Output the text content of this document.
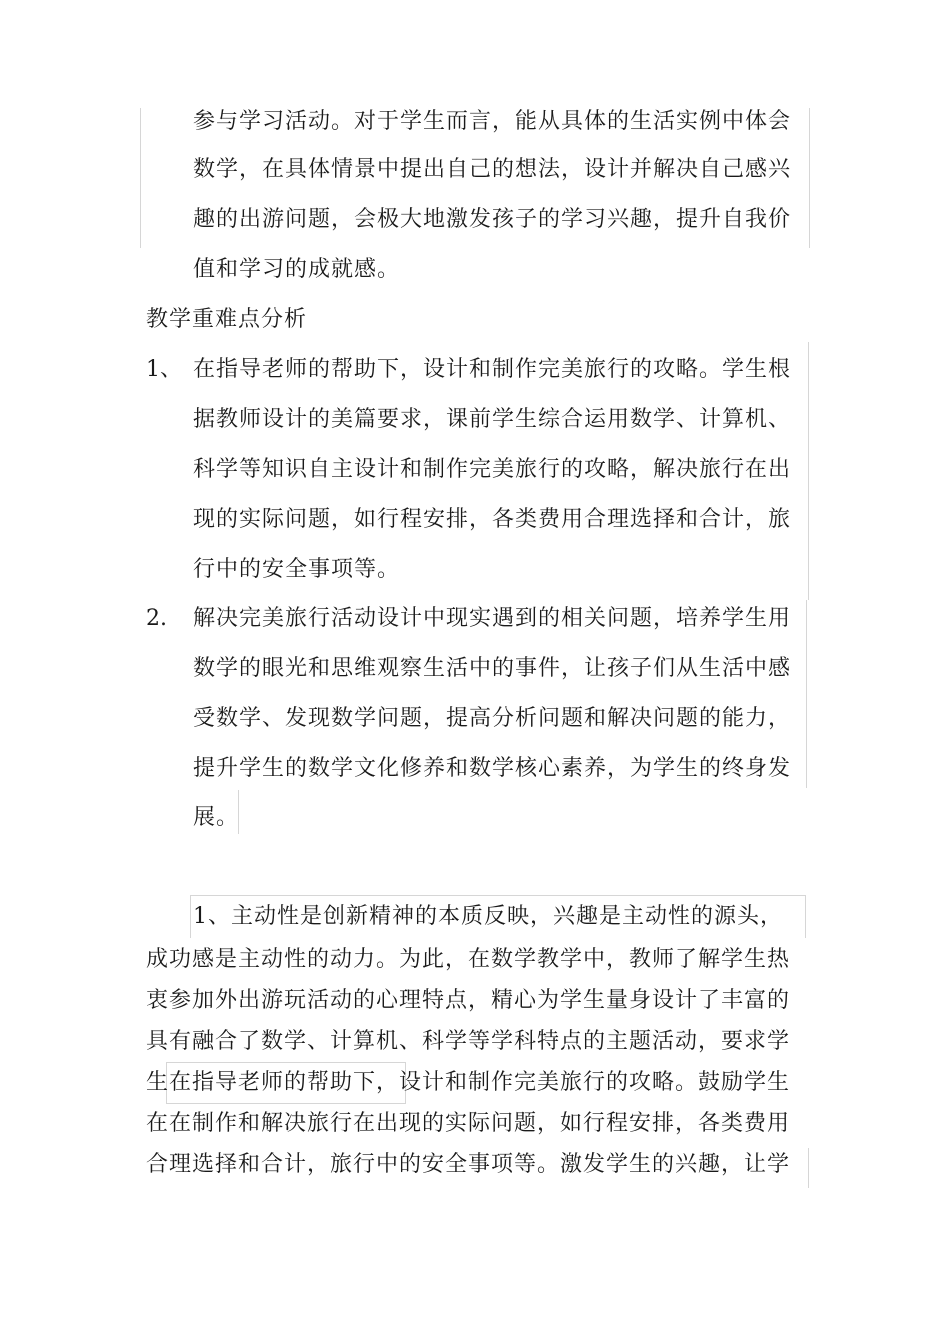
参与学习活动。对于学生而言，能从具体的生活实例中体会
数学，在具体情景中提出自己的想法，设计并解决自己感兴
趣的出游问题，会极大地激发孩子的学习兴趣，提升自我价
值和学习的成就感。
教学重难点分析
1、 在指导老师的帮助下，设计和制作完美旅行的攻略。学生根
据教师设计的美篇要求，课前学生综合运用数学、计算机、
科学等知识自主设计和制作完美旅行的攻略，解决旅行在出
现的实际问题，如行程安排，各类费用合理选择和合计，旅
行中的安全事项等。
2. 解决完美旅行活动设计中现实遇到的相关问题，培养学生用
数学的眼光和思维观察生活中的事件，让孩子们从生活中感
受数学、发现数学问题，提高分析问题和解决问题的能力，
提升学生的数学文化修养和数学核心素养，为学生的终身发
展。
1、主动性是创新精神的本质反映，兴趣是主动性的源头，
成功感是主动性的动力。为此，在数学教学中，教师了解学生热
衷参加外出游玩活动的心理特点，精心为学生量身设计了丰富的
具有融合了数学、计算机、科学等学科特点的主题活动，要求学
生在指导老师的帮助下，设计和制作完美旅行的攻略。鼓励学生
在在制作和解决旅行在出现的实际问题，如行程安排，各类费用
合理选择和合计，旅行中的安全事项等。激发学生的兴趣，让学
